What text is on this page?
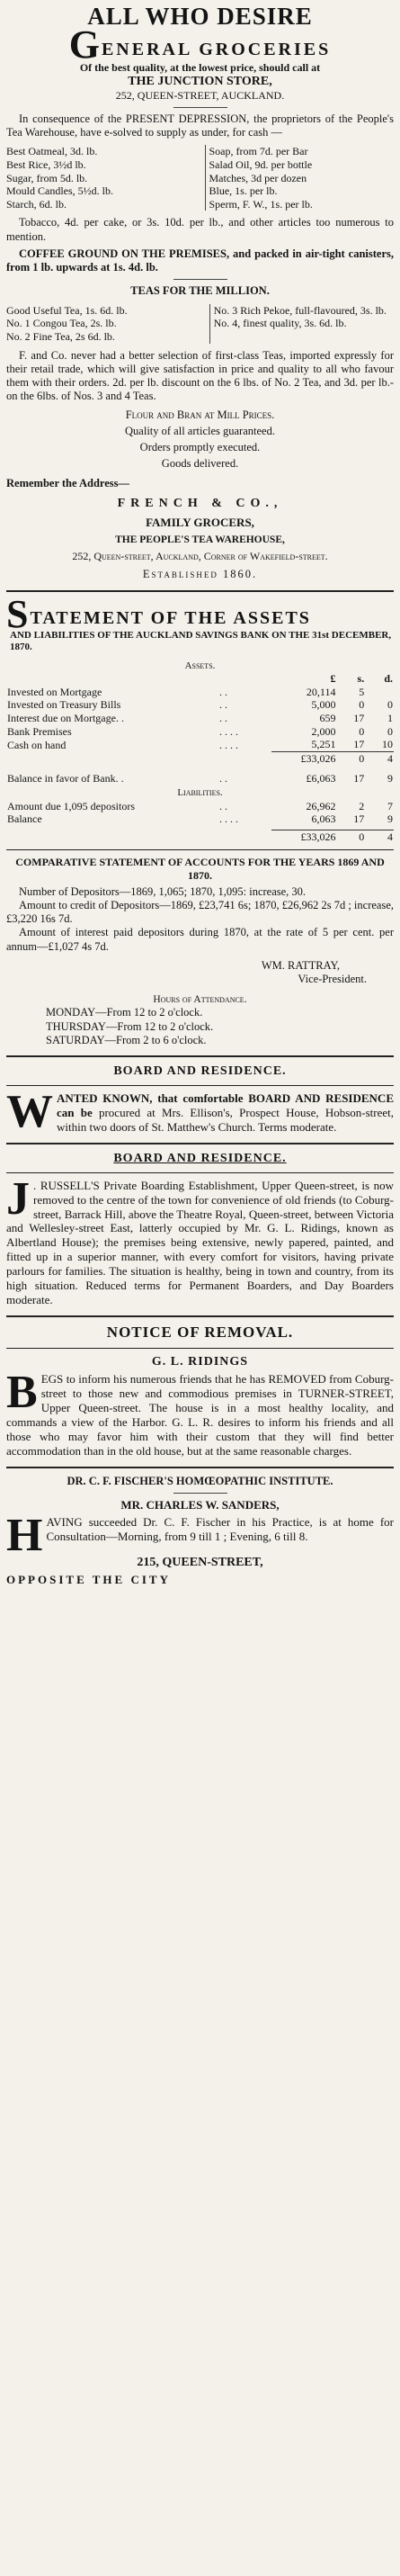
ALL WHO DESIRE
G ENERAL GROCERIES
Of the best quality, at the lowest price, should call at
THE JUNCTION STORE,
252, QUEEN-STREET, AUCKLAND.
In consequence of the PRESENT DEPRESSION, the proprietors of the People's Tea Warehouse, have e-solved to supply as under, for cash —
Best Oatmeal, 3d. lb.
Best Rice, 3½d lb.
Sugar, from 5d. lb.
Mould Candles, 5½d. lb.
Starch, 6d. lb.
Soap, from 7d. per Bar
Salad Oil, 9d. per bottle
Matches, 3d per dozen
Blue, 1s. per lb.
Sperm, F. W., 1s. per lb.
Tobacco, 4d. per cake, or 3s. 10d. per lb., and other articles too numerous to mention.
COFFEE GROUND ON THE PREMISES, and packed in air-tight canisters, from 1 lb. upwards at 1s. 4d. lb.
TEAS FOR THE MILLION.
Good Useful Tea, 1s. 6d. lb.
No. 1 Congou Tea, 2s. lb.
No. 2 Fine Tea, 2s 6d. lb.
No. 3 Rich Pekoe, full-flavoured, 3s. lb.
No. 4, finest quality, 3s. 6d. lb.
F. and Co. never had a better selection of first-class Teas, imported expressly for their retail trade, which will give satisfaction in price and quality to all who favour them with their orders. 2d. per lb. discount on the 6 lbs. of No. 2 Tea, and 3d. per lb.-on the 6lbs. of Nos. 3 and 4 Teas.
Flour and Bran at Mill Prices.
Quality of all articles guaranteed.
Orders promptly executed.
Goods delivered.
Remember the Address—
FRENCH & CO.,
FAMILY GROCERS,
THE PEOPLE'S TEA WAREHOUSE,
252, Queen-street, Auckland, Corner of Wakefield-street.
Established 1860.
S TATEMENT OF THE ASSETS
AND LIABILITIES OF THE AUCKLAND SAVINGS BANK ON THE 31st DECEMBER, 1870.
Assets.
		£	s.	d.
Invested on Mortgage	. .	20,114	5	
Invested on Treasury Bills	. .	5,000	0	0
Interest due on Mortgage. .	. .	659	17	1
Bank Premises	. . . .	2,000	0	0
Cash on hand	. . . .	5,251	17	10
		£33,026	0	4

Balance in favor of Bank. .	. .	£6,063	17	9
Liabilities.				
Amount due 1,095 depositors	. .	26,962	2	7
Balance	. . . .	6,063	17	9

		£33,026	0	4
COMPARATIVE STATEMENT OF ACCOUNTS FOR THE YEARS 1869 AND 1870.
Number of Depositors—1869, 1,065; 1870, 1,095: increase, 30.
Amount to credit of Depositors—1869, £23,741 6s; 1870, £26,962 2s 7d ; increase, £3,220 16s 7d.
Amount of interest paid depositors during 1870, at the rate of 5 per cent. per annum—£1,027 4s 7d.
WM. RATTRAY,
Vice-President.
Hours of Attendance.
MONDAY—From 12 to 2 o'clock.
THURSDAY—From 12 to 2 o'clock.
SATURDAY—From 2 to 6 o'clock.
BOARD AND RESIDENCE.
W ANTED KNOWN, that comfortable BOARD AND RESIDENCE can be procured at Mrs. Ellison's, Prospect House, Hobson-street, within two doors of St. Matthew's Church. Terms moderate.
BOARD AND RESIDENCE.
J . RUSSELL'S Private Boarding Establishment, Upper Queen-street, is now removed to the centre of the town for convenience of old friends (to Coburg-street, Barrack Hill, above the Theatre Royal, Queen-street, between Victoria and Wellesley-street East, latterly occupied by Mr. G. L. Ridings, known as Albertland House); the premises being extensive, newly papered, painted, and fitted up in a superior manner, with every comfort for visitors, having private parlours for families. The situation is healthy, being in town and country, from its high situation. Reduced terms for Permanent Boarders, and Day Boarders moderate.
NOTICE OF REMOVAL.
G. L. RIDINGS
B EGS to inform his numerous friends that he has REMOVED from Coburg-street to those new and commodious premises in TURNER-STREET, Upper Queen-street. The house is in a most healthy locality, and commands a view of the Harbor. G. L. R. desires to inform his friends and all those who may favor him with their custom that they will find better accommodation than in the old house, but at the same reasonable charges.
DR. C. F. FISCHER'S HOMŒOPATHIC INSTITUTE.
MR. CHARLES W. SANDERS,
H AVING succeeded Dr. C. F. Fischer in his Practice, is at home for Consultation—Morning, from 9 till 1 ; Evening, 6 till 8.
215, QUEEN-STREET,
OPPOSITE THE CITY
